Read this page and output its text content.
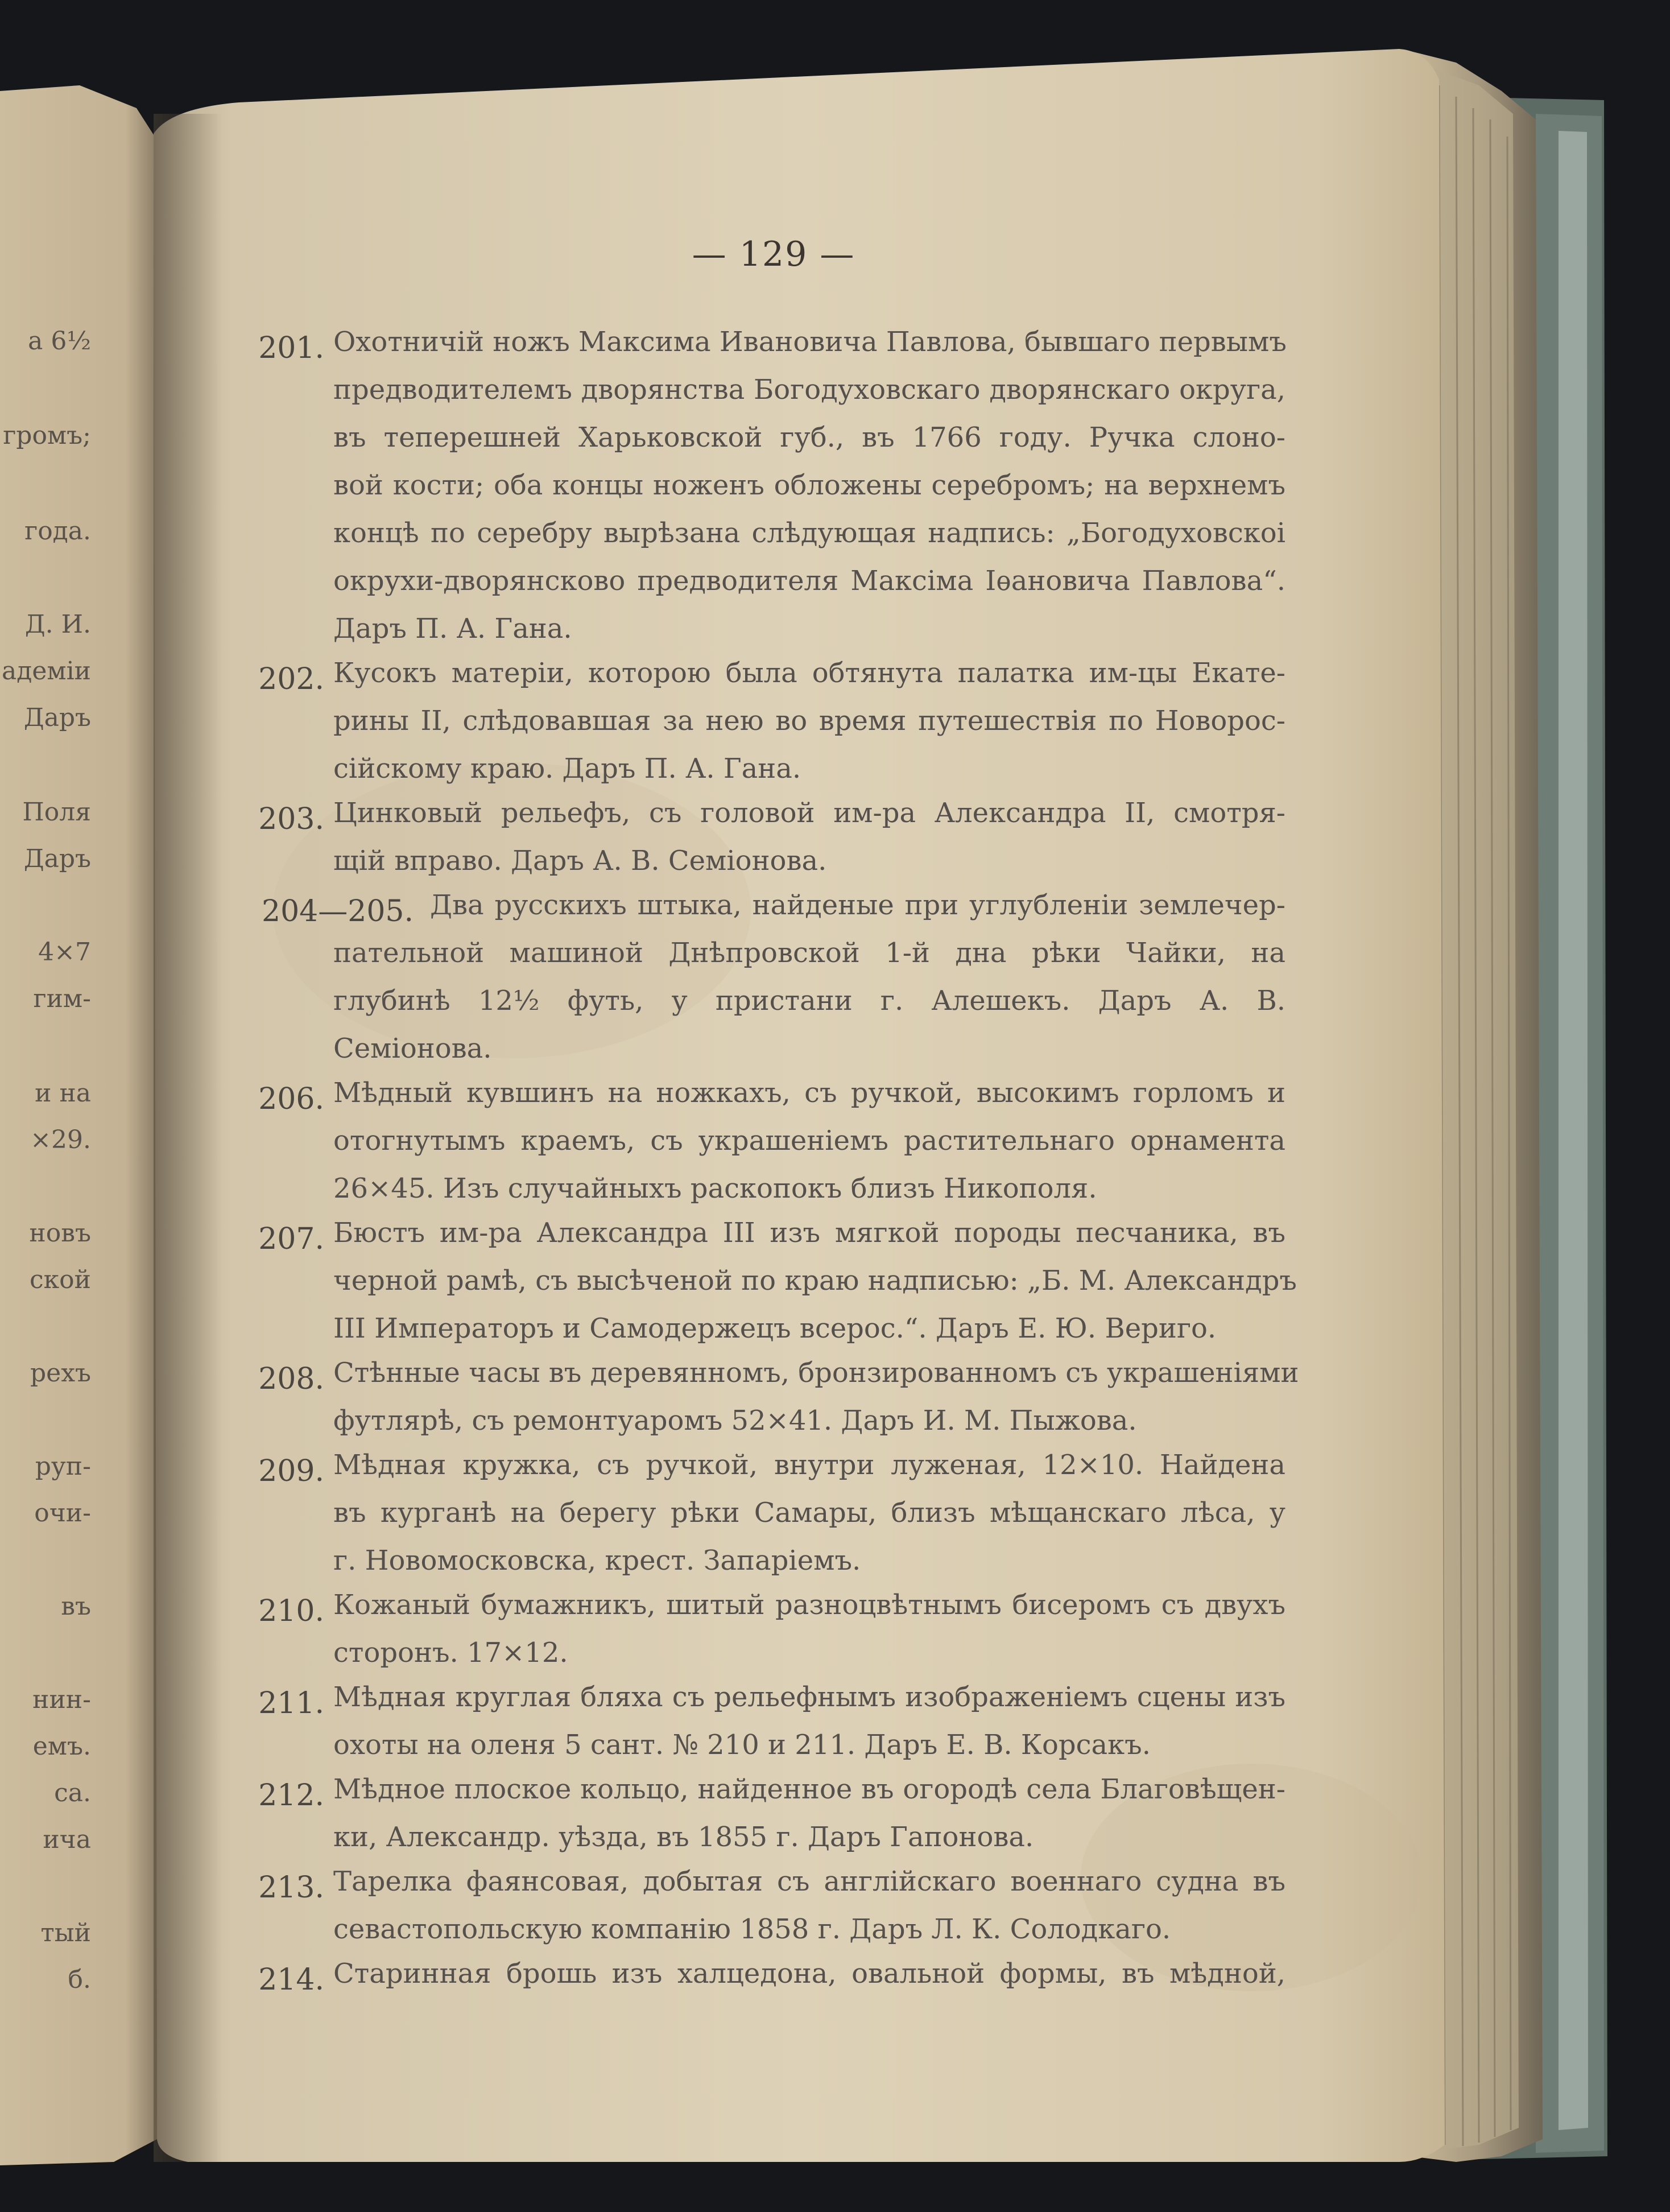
— 129 —
201. Охотничій ножъ Максима Ивановича Павлова, бывшаго первымъ
предводителемъ дворянства Богодуховскаго дворянскаго округа,
въ теперешней Харьковской губ., въ 1766 году. Ручка слоно-
вой кости; оба концы ноженъ обложены серебромъ; на верхнемъ
концѣ по серебру вырѣзана слѣдующая надпись: „Богодуховскоі
окрухи-дворянсково предводителя Максіма Іѳановича Павлова“.
Даръ П. А. Гана.
202. Кусокъ матеріи, которою была обтянута палатка им-цы Екате-
рины II, слѣдовавшая за нею во время путешествія по Новорос-
сійскому краю. Даръ П. А. Гана.
203. Цинковый рельефъ, съ головой им-ра Александра II, смотря-
щій вправо. Даръ А. В. Семіонова.
204—205. Два русскихъ штыка, найденые при углубленіи землечер-
пательной машиной Днѣпровской 1-й дна рѣки Чайки, на
глубинѣ 12½ футь, у пристани г. Алешекъ. Даръ А. В.
Семіонова.
206. Мѣдный кувшинъ на ножкахъ, съ ручкой, высокимъ горломъ и
отогнутымъ краемъ, съ украшеніемъ растительнаго орнамента
26×45. Изъ случайныхъ раскопокъ близъ Никополя.
207. Бюстъ им-ра Александра III изъ мягкой породы песчаника, въ
черной рамѣ, съ высѣченой по краю надписью: „Б. М. Александръ
III Императоръ и Самодержецъ всерос.“. Даръ Е. Ю. Вериго.
208. Стѣнные часы въ деревянномъ, бронзированномъ съ украшеніями
футлярѣ, съ ремонтуаромъ 52×41. Даръ И. М. Пыжова.
209. Мѣдная кружка, съ ручкой, внутри луженая, 12×10. Найдена
въ курганѣ на берегу рѣки Самары, близъ мѣщанскаго лѣса, у
г. Новомосковска, крест. Запаріемъ.
210. Кожаный бумажникъ, шитый разноцвѣтнымъ бисеромъ съ двухъ
сторонъ. 17×12.
211. Мѣдная круглая бляха съ рельефнымъ изображеніемъ сцены изъ
охоты на оленя 5 сант. № 210 и 211. Даръ Е. В. Корсакъ.
212. Мѣдное плоское кольцо, найденное въ огородѣ села Благовѣщен-
ки, Александр. уѣзда, въ 1855 г. Даръ Гапонова.
213. Тарелка фаянсовая, добытая съ англійскаго военнаго судна въ
севастопольскую компанію 1858 г. Даръ Л. К. Солодкаго.
214. Старинная брошь изъ халцедона, овальной формы, въ мѣдной,
а 6½
громъ;
года.
Д. И.
адеміи
Даръ
Поля
Даръ
4×7
гим-
и на
×29.
новъ
ской
рехъ
руп-
очи-
въ
нин-
емъ.
са.
ича
тый
б.
